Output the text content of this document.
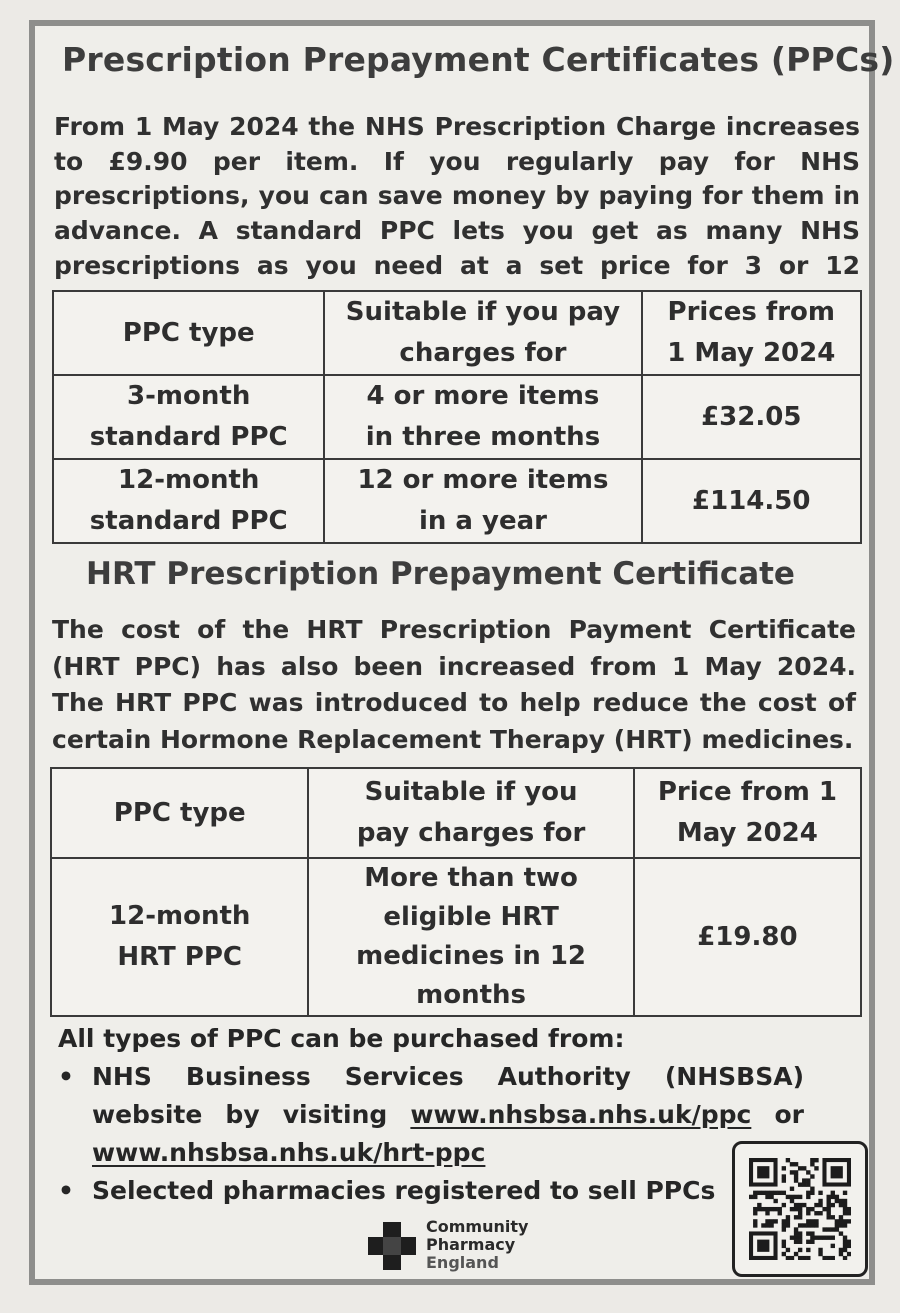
Prescription Prepayment Certificates (PPCs)
From 1 May 2024 the NHS Prescription Charge increases to £9.90 per item. If you regularly pay for NHS prescriptions, you can save money by paying for them in advance. A standard PPC lets you get as many NHS prescriptions as you need at a set price for 3 or 12
PPC type	Suitable if you pay charges for	Prices from 1 May 2024
3-month standard PPC	4 or more items in three months	£32.05
12-month standard PPC	12 or more items in a year	£114.50
HRT Prescription Prepayment Certificate
The cost of the HRT Prescription Payment Certificate (HRT PPC) has also been increased from 1 May 2024. The HRT PPC was introduced to help reduce the cost of certain Hormone Replacement Therapy (HRT) medicines.
PPC type	Suitable if you pay charges for	Price from 1 May 2024
12-month HRT PPC	More than two eligible HRT medicines in 12 months	£19.80
All types of PPC can be purchased from:
• NHS Business Services Authority (NHSBSA) website by visiting www.nhsbsa.nhs.uk/ppc or www.nhsbsa.nhs.uk/hrt-ppc
• Selected pharmacies registered to sell PPCs
Community
Pharmacy
England
